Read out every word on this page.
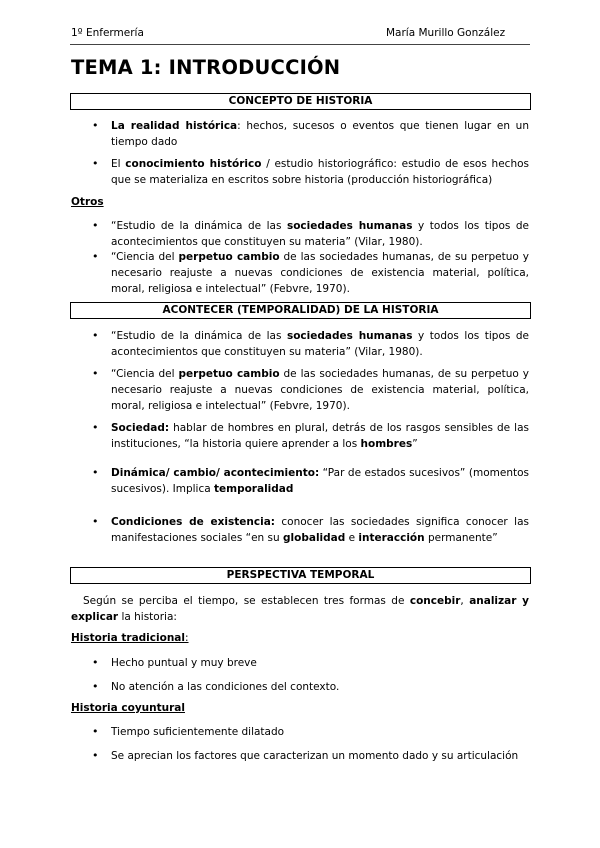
1º Enfermería	María Murillo González
TEMA 1: INTRODUCCIÓN
CONCEPTO DE HISTORIA
• La realidad histórica: hechos, sucesos o eventos que tienen lugar en un tiempo dado
• El conocimiento histórico / estudio historiográfico: estudio de esos hechos que se materializa en escritos sobre historia (producción historiográfica)
Otros
• “Estudio de la dinámica de las sociedades humanas y todos los tipos de acontecimientos que constituyen su materia” (Vilar, 1980).
• “Ciencia del perpetuo cambio de las sociedades humanas, de su perpetuo y necesario reajuste a nuevas condiciones de existencia material, política, moral, religiosa e intelectual” (Febvre, 1970).
ACONTECER (TEMPORALIDAD) DE LA HISTORIA
• “Estudio de la dinámica de las sociedades humanas y todos los tipos de acontecimientos que constituyen su materia” (Vilar, 1980).
• “Ciencia del perpetuo cambio de las sociedades humanas, de su perpetuo y necesario reajuste a nuevas condiciones de existencia material, política, moral, religiosa e intelectual” (Febvre, 1970).
• Sociedad: hablar de hombres en plural, detrás de los rasgos sensibles de las instituciones, “la historia quiere aprender a los hombres”
• Dinámica/ cambio/ acontecimiento: “Par de estados sucesivos” (momentos sucesivos). Implica temporalidad
• Condiciones de existencia: conocer las sociedades significa conocer las manifestaciones sociales “en su globalidad e interacción permanente”
PERSPECTIVA TEMPORAL
Según se perciba el tiempo, se establecen tres formas de concebir, analizar y explicar la historia:
Historia tradicional:
• Hecho puntual y muy breve
• No atención a las condiciones del contexto.
Historia coyuntural
• Tiempo suficientemente dilatado
• Se aprecian los factores que caracterizan un momento dado y su articulación
